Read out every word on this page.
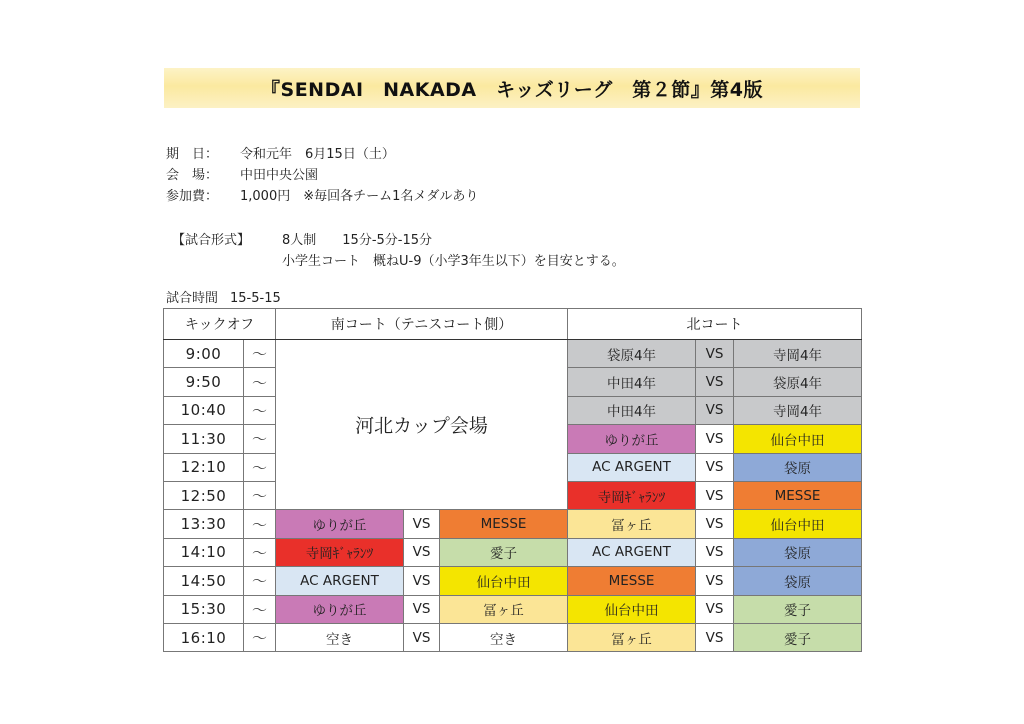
『SENDAI　NAKADA　キッズリーグ　第２節』第4版
期　日： 令和元年　6月15日（土）
会　場： 中田中央公園
参加費： 1,000円　※毎回各チーム1名メダルあり
【試合形式】 8人制　　15分-5分-15分
小学生コート　概ねU-9（小学3年生以下）を目安とする。
試合時間 15-5-15
キックオフ		南コート（テニスコート側）			北コート		
9:00	～	河北カップ会場			袋原4年	VS	寺岡4年
9:50	～				中田4年	VS	袋原4年
10:40	～				中田4年	VS	寺岡4年
11:30	～				ゆりが丘	VS	仙台中田
12:10	～				AC ARGENT	VS	袋原
12:50	～				寺岡ｷﾞｬﾗﾝﾂ	VS	MESSE
13:30	～	ゆりが丘	VS	MESSE	冨ヶ丘	VS	仙台中田
14:10	～	寺岡ｷﾞｬﾗﾝﾂ	VS	愛子	AC ARGENT	VS	袋原
14:50	～	AC ARGENT	VS	仙台中田	MESSE	VS	袋原
15:30	～	ゆりが丘	VS	冨ヶ丘	仙台中田	VS	愛子
16:10	～	空き	VS	空き	冨ヶ丘	VS	愛子
